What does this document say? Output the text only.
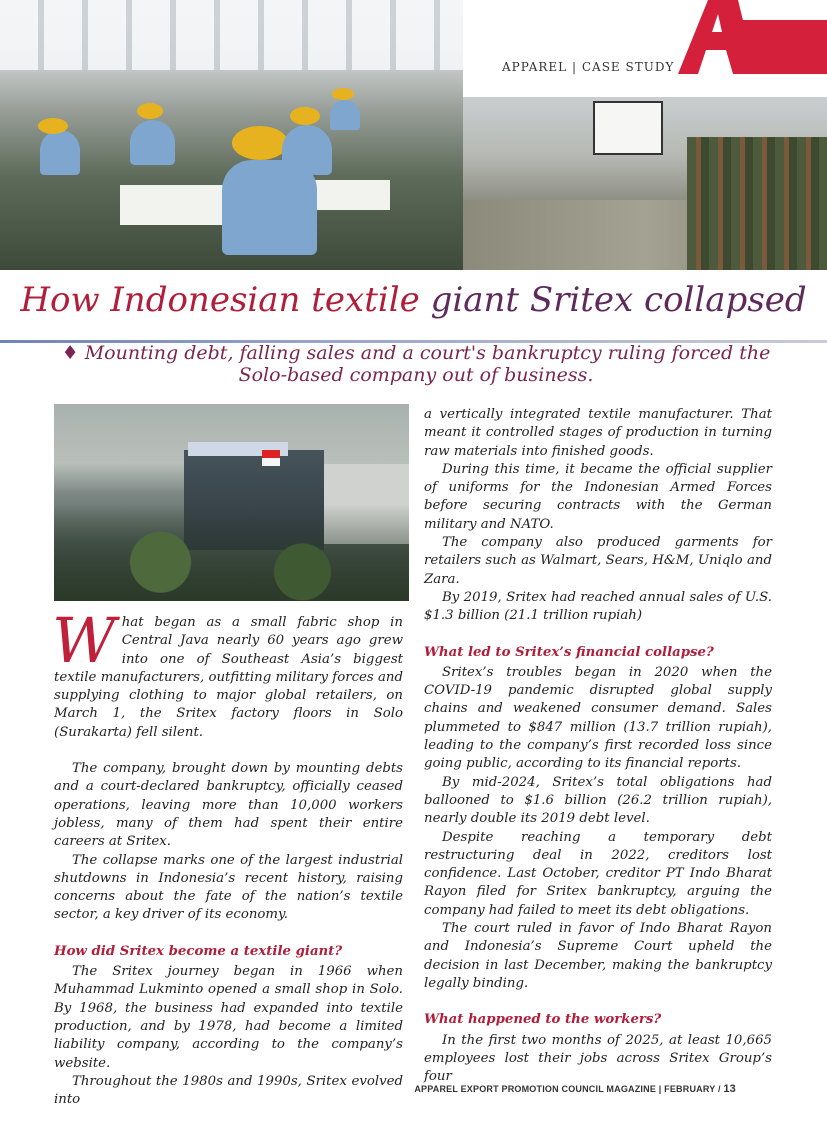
A
APPAREL | CASE STUDY
How Indonesian textile giant Sritex collapsed
♦ Mounting debt, falling sales and a court's bankruptcy ruling forced the Solo-based company out of business.

What began as a small fabric shop in Central Java nearly 60 years ago grew into one of Southeast Asia’s biggest textile manufacturers, outfitting military forces and supplying clothing to major global retailers, on March 1, the Sritex factory floors in Solo (Surakarta) fell silent.

The company, brought down by mounting debts and a court-declared bankruptcy, officially ceased operations, leaving more than 10,000 workers jobless, many of them had spent their entire careers at Sritex.

The collapse marks one of the largest industrial shutdowns in Indonesia’s recent history, raising concerns about the fate of the nation’s textile sector, a key driver of its economy.

How did Sritex become a textile giant?

The Sritex journey began in 1966 when Muhammad Lukminto opened a small shop in Solo. By 1968, the business had expanded into textile production, and by 1978, had become a limited liability company, according to the company’s website.

Throughout the 1980s and 1990s, Sritex evolved into

a vertically integrated textile manufacturer. That meant it controlled stages of production in turning raw materials into finished goods.

During this time, it became the official supplier of uniforms for the Indonesian Armed Forces before securing contracts with the German military and NATO.

The company also produced garments for retailers such as Walmart, Sears, H&M, Uniqlo and Zara.

By 2019, Sritex had reached annual sales of U.S. $1.3 billion (21.1 trillion rupiah)

What led to Sritex’s financial collapse?

Sritex’s troubles began in 2020 when the COVID-19 pandemic disrupted global supply chains and weakened consumer demand. Sales plummeted to $847 million (13.7 trillion rupiah), leading to the company’s first recorded loss since going public, according to its financial reports.

By mid-2024, Sritex’s total obligations had ballooned to $1.6 billion (26.2 trillion rupiah), nearly double its 2019 debt level.

Despite reaching a temporary debt restructuring deal in 2022, creditors lost confidence. Last October, creditor PT Indo Bharat Rayon filed for Sritex bankruptcy, arguing the company had failed to meet its debt obligations.

The court ruled in favor of Indo Bharat Rayon and Indonesia’s Supreme Court upheld the decision in last December, making the bankruptcy legally binding.

What happened to the workers?

In the first two months of 2025, at least 10,665 employees lost their jobs across Sritex Group’s four

APPAREL EXPORT PROMOTION COUNCIL MAGAZINE | FEBRUARY / 13
